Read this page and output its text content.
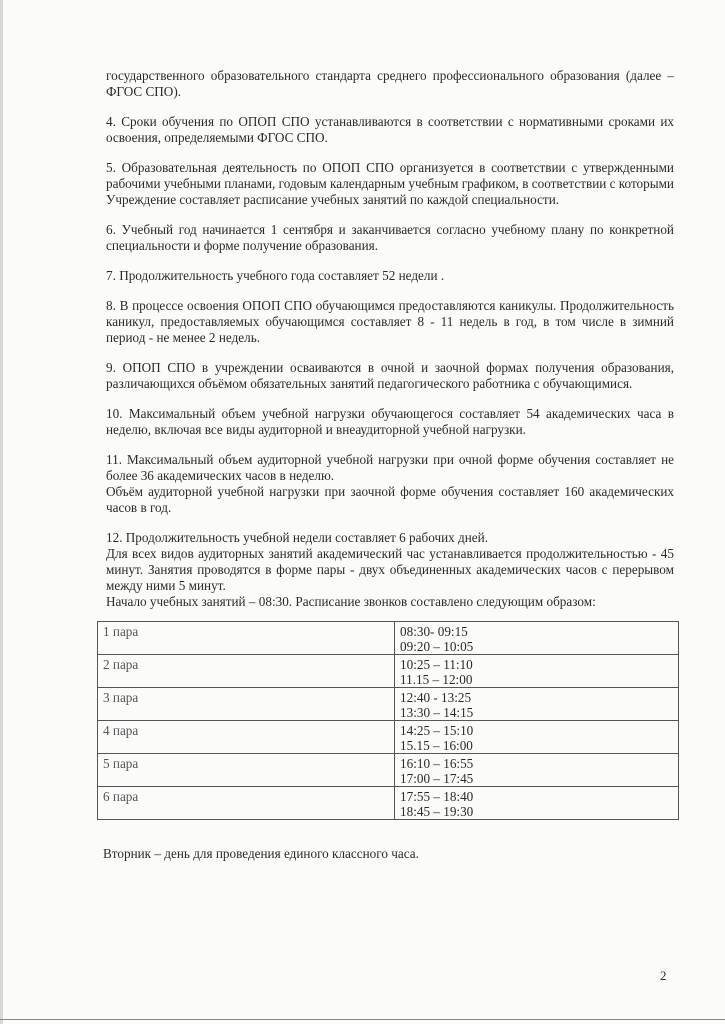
государственного образовательного стандарта среднего профессионального образования (далее – ФГОС СПО).

4. Сроки обучения по ОПОП СПО устанавливаются в соответствии с нормативными сроками их освоения, определяемыми ФГОС СПО.

5. Образовательная деятельность по ОПОП СПО организуется в соответствии с утвержденными рабочими учебными планами, годовым календарным учебным графиком, в соответствии с которыми Учреждение составляет расписание учебных занятий по каждой специальности.

6. Учебный год начинается 1 сентября и заканчивается согласно учебному плану по конкретной специальности и форме получение образования.

7. Продолжительность учебного года составляет 52 недели .

8. В процессе освоения ОПОП СПО обучающимся предоставляются каникулы. Продолжительность каникул, предоставляемых обучающимся составляет 8 - 11 недель в год, в том числе в зимний период - не менее 2 недель.

9. ОПОП СПО в учреждении осваиваются в очной и заочной формах получения образования, различающихся объёмом обязательных занятий педагогического работника с обучающимися.

10. Максимальный объем учебной нагрузки обучающегося составляет 54 академических часа в неделю, включая все виды аудиторной и внеаудиторной учебной нагрузки.

11. Максимальный объем аудиторной учебной нагрузки при очной форме обучения составляет не более 36 академических часов в неделю.

Объём аудиторной учебной нагрузки при заочной форме обучения составляет 160 академических часов в год.

12. Продолжительность учебной недели составляет 6 рабочих дней.

Для всех видов аудиторных занятий академический час устанавливается продолжительностью - 45 минут. Занятия проводятся в форме пары - двух объединенных академических часов с перерывом между ними 5 минут.

Начало учебных занятий – 08:30. Расписание звонков составлено следующим образом:

1 пара	08:30- 09:15
09:20 – 10:05

2 пара	10:25 – 11:10
11.15 – 12:00

3 пара	12:40 - 13:25
13:30 – 14:15

4 пара	14:25 – 15:10
15.15 – 16:00

5 пара	16:10 – 16:55
17:00 – 17:45

6 пара	17:55 – 18:40
18:45 – 19:30
Вторник – день для проведения единого классного часа.
2
